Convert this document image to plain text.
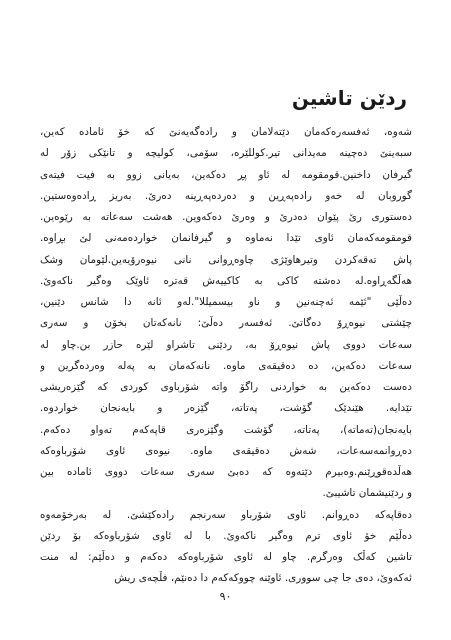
ردێن تاشین
شەوە، ئەفسەرەکەمان دێتەلامان و رادەگەیەنێ کە خۆ ئامادە کەین،
سبەینێ دەچینە مەیدانی تیر.کوللێرە، سۆمی، کولیچە و تانێکی زۆر لە
گیرفان داخنین.قومقومە لە ئاو پڕ دەکەین، بەیانی زوو بە فیت فیتەی
گوروبان لە خەو رادەپەڕین و دەردەپەڕینە دەرێ. بەریز ڕادەوەستین.
دەستوری رێ پێوان دەدرێ و وەرێ دەکەوین. هەشت سەعاتە بە رێوەین.
قومقومەکەمان ئاوی تێدا نەماوە و گیرفانمان خواردەمەنی لێ بڕاوە.
پاش تەقەکردن وتیرهاوێژی چاوەڕوانی نانی نیوەرۆیەین.لێومان وشک
هەڵگەڕاوە.لە دەشتە کاکی بە کاکییەش قەترە ئاوێک وەگیر ناکەوێ.
دەڵێی "ئێمە ئەچنەنین و ناو بیسمیللا".لەو ئانە دا شانس دێنین،
چێشتی نیوەڕۆ دەگاتێ. ئەفسەر دەڵێ: نانەکەتان بخۆن و سەری
سەعات دووی پاش نیوەڕۆ بە، ردێنی تاشراو لێرە حازر بن.چاو لە
سەعات دەکەین، دە دەقیقەی ماوە. نانەکەمان بە پەلە وەردەگرین و
دەست دەکەین بە خواردنی راگۆ واتە شۆرباوی کوردی کە گێزەریشی
تێدایە. هێندێک گۆشت، پەتاتە، گێزەر و بایەنجان خواردوە.
بایەنجان(تەماتە)، پەتاتە، گۆشت وگێزەری قاپەکەم تەواو دەکەم.
دەڕوانمەسەعات، شەش دەقیقەی ماوە. نیوەی ئاوی شۆرباوەکە
هەڵدەقوڕێنم.وەبیرم دێتەوە کە دەبێ سەری سەعات دووی ئامادە بین
و ردێنیشمان تاشیبێ.
دەقاپەکە دەڕوانم. ئاوی شۆرباو سەرنجم رادەکێشێ. لە بەرخۆمەوە
دەڵێم خۆ ئاوی ترم وەگیر ناکەوێ. با لە ئاوی شۆرباوەکە بۆ ردێن
تاشین کەڵک وەرگرم. چاو لە ئاوی شۆرباوەکە دەکەم و دەڵێم: لە منت
ئەکەوێ، دەی جا چی سووری. ئاوێنە چووکەکەم دا دەنێم، فڵچەی ریش
٩٠
